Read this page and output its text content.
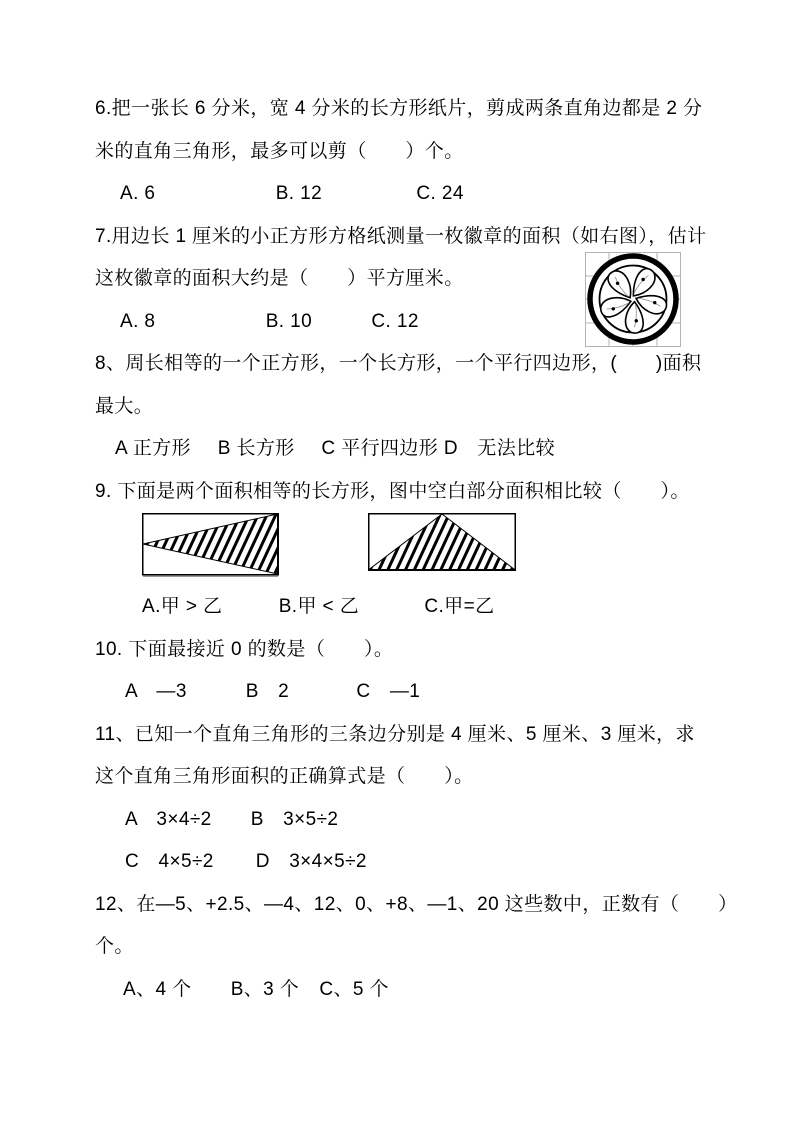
6.把一张长 6 分米，宽 4 分米的长方形纸片，剪成两条直角边都是 2 分
米的直角三角形，最多可以剪（　　）个。
A. 6	B. 12	C. 24
7.用边长 1 厘米的小正方形方格纸测量一枚徽章的面积（如右图），估计
这枚徽章的面积大约是（　　）平方厘米。
A. 8	B. 10	C. 12
8、周长相等的一个正方形，一个长方形，一个平行四边形，(　　)面积
最大。
A 正方形 B 长方形 C 平行四边形 D　无法比较
9. 下面是两个面积相等的长方形，图中空白部分面积相比较（　　）。
A.甲 > 乙	B.甲 < 乙	C.甲=乙
10. 下面最接近 0 的数是（　　）。
A　—3	B　2	C　—1
11、已知一个直角三角形的三条边分别是 4 厘米、5 厘米、3 厘米，求
这个直角三角形面积的正确算式是（　　）。
A　3×4÷2 B　3×5÷2
C　4×5÷2 D　3×4×5÷2
12、在—5、+2.5、—4、12、0、+8、—1、20 这些数中，正数有（　　）
个。
A、4 个 B、3 个 C、5 个
